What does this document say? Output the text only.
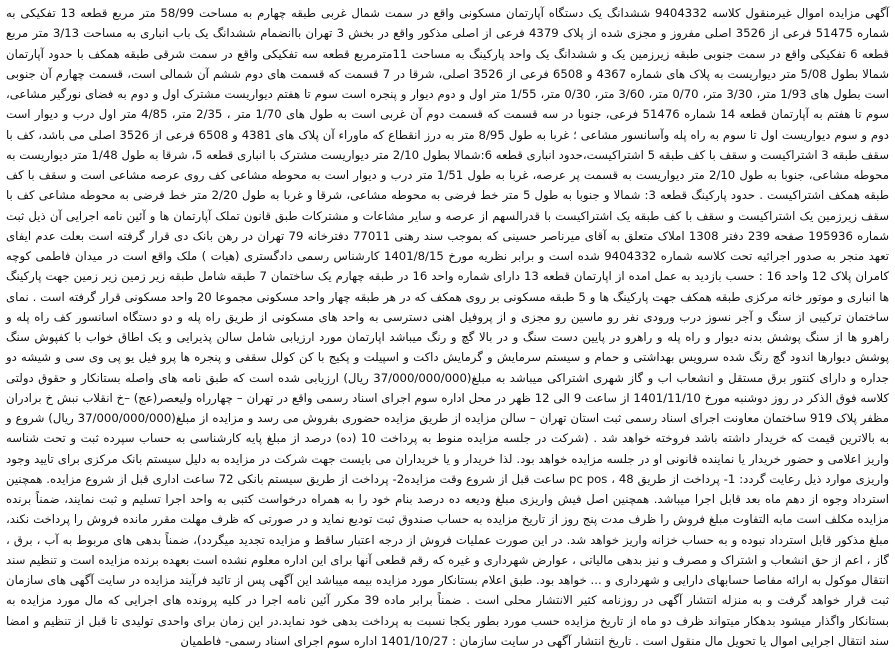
آگهی مزایده اموال غیرمنقول کلاسه 9404332 ششدانگ یک دستگاه آپارتمان مسکونی واقع در سمت شمال غربی طبقه چهارم به مساحت 58/99 متر مربع قطعه 13 تفکیکی به شماره 51475 فرعی از 3526 اصلی مفروز و مجزی شده از پلاک 4379 فرعی از اصلی مذکور واقع در بخش 3 تهران باانضمام ششدانگ یک باب انباری به مساحت 3/13 متر مربع قطعه 6 تفکیکی واقع در سمت جنوبی طبقه زیرزمین یک و ششدانگ یک واحد پارکینگ به مساحت 11مترمربع قطعه سه تفکیکی واقع در سمت شرقی طبقه همکف با حدود آپارتمان شمالا بطول 5/08 متر دیواریست به پلاک های شماره 4367 و 6508 فرعی از 3526 اصلی، شرقا در 7 قسمت که قسمت های دوم ششم آن شمالی است، قسمت چهارم آن جنوبی است بطول های 1/93 متر، 3/30 متر، 0/70 متر، 3/60 متر، 0/30 متر، 1/55 متر اول و دوم دیوار و پنجره است سوم تا هفتم دیواریست مشترک اول و دوم به فضای نورگیر مشاعی، سوم تا هفتم به آپارتمان قطعه 14 شماره 51476 فرعی، جنوبا در سه قسمت که قسمت دوم آن غربی است به طول های 1/70 متر ، 2/35 متر، 4/85 متر اول درب و دیوار است دوم و سوم دیواریست اول تا سوم به راه پله وآسانسور مشاعی ؛ غربا به طول 8/95 متر به درز انقطاع که ماوراء آن پلاک های 4381 و 6508 فرعی از 3526 اصلی می باشد، کف با سقف طبقه 3 اشتراکیست و سقف با کف طبقه 5 اشتراکیست،حدود انباری قطعه 6:شمالا بطول 2/10 متر دیواریست مشترک با انباری قطعه 5، شرقا به طول 1/48 متر دیواریست به محوطه مشاعی، جنوبا به طول 2/10 متر دیواریست به قسمت پر عرصه، غربا به طول 1/51 متر درب و دیوار است به محوطه مشاعی کف روی عرصه مشاعی است و سقف با کف طبقه همکف اشتراکیست . حدود پارکینگ قطعه 3: شمالا و جنوبا به طول 5 متر خط فرضی به محوطه مشاعی، شرقا و غربا به طول 2/20 متر خط فرضی به محوطه مشاعی کف با سقف زیرزمین یک اشتراکیست و سقف با کف طبقه یک اشتراکیست با قدرالسهم از عرصه و سایر مشاعات و مشترکات طبق قانون تملک آپارتمان ها و آئین نامه اجرایی آن ذیل ثبت شماره 195936 صفحه 239 دفتر 1308 املاک متعلق به آقای میرناصر حسینی که بموجب سند رهنی 77011 دفترخانه 79 تهران در رهن بانک دی قرار گرفته است بعلت عدم ایفای تعهد منجر به صدور اجرائیه تحت کلاسه شماره 9404332 شده است و برابر نظریه مورخ 1401/8/15 کارشناس رسمی دادگستری (هیات ) ملک واقع است در میدان فاطمی کوچه کامران پلاک 12 واحد 16 : حسب بازدید به عمل امده از اپارتمان قطعه 13 دارای شماره واحد 16 در طبقه چهارم یک ساختمان 7 طبقه شامل طبقه زیر زمین زیر زمین جهت پارکینگ ها انباری و موتور خانه مرکزی طبقه همکف جهت پارکینگ ها و 5 طبقه مسکونی بر روی همکف که در هر طبقه چهار واحد مسکونی مجموعا 20 واحد مسکونی قرار گرفته است . نمای ساختمان ترکیبی از سنگ و آجر نسوز درب ورودی نفر رو ماسین رو مجزی و از پروفیل اهنی دسترسی به واحد های مسکونی از طریق راه پله و دو دستگاه اسانسور کف راه پله و راهرو ها از سنگ پوشش بدنه دیوار و راه پله و راهرو در پایین دست سنگ و در بالا گچ و رنگ میباشد اپارتمان مورد ارزیابی شامل سالن پذیرایی و یک اطاق خواب با کفپوش سنگ پوشش دیوارها اندود گچ رنگ شده سرویس بهداشتی و حمام و سیستم سرمایش و گرمایش داکت و اسپیلت و پکیج با کن کولل سقفی و پنجره ها پرو فیل یو پی وی سی و شیشه دو جداره و دارای کنتور برق مستقل و انشعاب اب و گاز شهری اشتراکی میباشد به مبلغ(37/000/000/000 ریال) ارزیابی شده است که طبق نامه های واصله بستانکار و حقوق دولتی کلاسه فوق الذکر در روز دوشنبه مورخ 1401/11/10 از ساعت 9 الی 12 ظهر در محل اداره سوم اجرای اسناد رسمی واقع در تهران – چهارراه ولیعصر(عج) –خ انقلاب نبش خ برادران مظفر پلاک 919 ساختمان معاونت اجرای اسناد رسمی ثبت استان تهران – سالن مزایده از طریق مزایده حضوری بفروش می رسد و مزایده از مبلغ(37/000/000/000 ریال) شروع و به بالاترین قیمت که خریدار داشته باشد فروخته خواهد شد . (شرکت در جلسه مزایده منوط به پرداخت 10 (ده) درصد از مبلغ پایه کارشناسی به حساب سپرده ثبت و تحت شناسه واریز اعلامی و حضور خریدار یا نماینده قانونی او در جلسه مزایده خواهد بود. لذا خریدار و یا خریداران می بایست جهت شرکت در مزایده به دلیل سیستم بانک مرکزی برای تایید وجود واریزی موارد ذیل رعایت گردد: 1- پرداخت از طریق 48 ، pc pos ساعت قبل از شروع وقت مزایده2- پرداخت از طریق سیستم بانکی 72 ساعت اداری قبل از شروع مزایده. همچنین استرداد وجوه از دهم ماه بعد قابل اجرا میباشد. همچنین اصل فیش واریزی مبلغ ودیعه ده درصد بنام خود را به همراه درخواست کتبی به واحد اجرا تسلیم و ثبت نمایند، ضمناً برنده مزایده مکلف است مابه التفاوت مبلغ فروش را ظرف مدت پنج روز از تاریخ مزایده به حساب صندوق ثبت تودیع نماید و در صورتی که ظرف مهلت مقرر مانده فروش را پرداخت نکند، مبلغ مذکور قابل استرداد نبوده و به حساب خزانه واریز خواهد شد. در این صورت عملیات فروش از درجه اعتبار ساقط و مزایده تجدید میگردد)، ضمناً بدهی های مربوط به آب ، برق ، گاز ، اعم از حق انشعاب و اشتراک و مصرف و نیز بدهی مالیاتی ، عوارض شهرداری و غیره که رقم قطعی آنها برای این اداره معلوم نشده است بعهده برنده مزایده است و تنظیم سند انتقال موکول به ارائه مفاصا حسابهای دارایی و شهرداری و ... خواهد بود. طبق اعلام بستانکار مورد مزایده بیمه میباشد این آگهی پس از تائید فرآیند مزایده در سایت آگهی های سازمان ثبت قرار خواهد گرفت و به منزله انتشار آگهی در روزنامه کثیر الانتشار محلی است . ضمناً برابر ماده 39 مکرر آئین نامه اجرا در کلیه پرونده های اجرایی که مال مورد مزایده به بستانکار واگذار میشود بدهکار میتواند ظرف دو ماه از تاریخ مزایده حسب مورد بطور یکجا نسبت به پرداخت بدهی خود نماید.در این زمان برای واحدی تولیدی تا قبل از تنظیم و امضا سند انتقال اجرایی اموال یا تحویل مال منقول است . تاریخ انتشار آگهی در سایت سازمان : 1401/10/27 اداره سوم اجرای اسناد رسمی- فاطمیان
